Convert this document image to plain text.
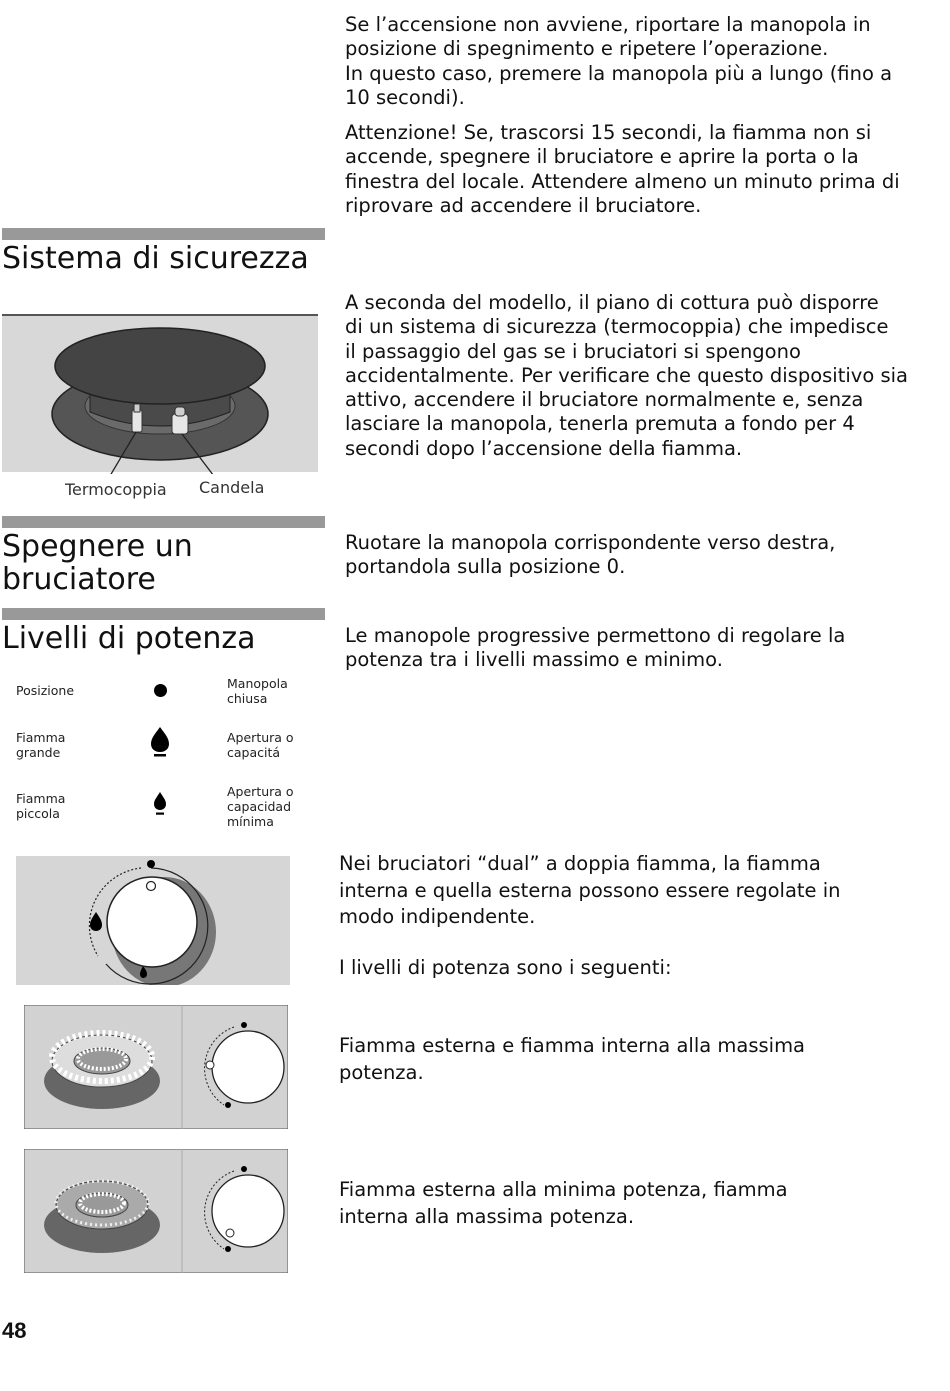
Se l’accensione non avviene, riportare la manopola in
posizione di spegnimento e ripetere l’operazione.
In questo caso, premere la manopola più a lungo (fino a
10 secondi).

Attenzione! Se, trascorsi 15 secondi, la fiamma non si
accende, spegnere il bruciatore e aprire la porta o la
finestra del locale. Attendere almeno un minuto prima di
riprovare ad accendere il bruciatore.

Sistema di sicurezza
A seconda del modello, il piano di cottura può disporre
di un sistema di sicurezza (termocoppia) che impedisce
il passaggio del gas se i bruciatori si spengono
accidentalmente. Per verificare che questo dispositivo sia
attivo, accendere il bruciatore normalmente e, senza
lasciare la manopola, tenerla premuta a fondo per 4
secondi dopo l’accensione della fiamma.
Termocoppia Candela
Spegnere un
bruciatore
Ruotare la manopola corrispondente verso destra,
portandola sulla posizione 0.
Livelli di potenza	Le manopole progressive permettono di regolare la
potenza tra i livelli massimo e minimo.
Posizione	Manopola
chiusa
Fiamma
grande
Apertura o
capacitá
Fiamma
piccola
Apertura o
capacidad
mínima
Nei bruciatori “dual” a doppia fiamma, la fiamma
interna e quella esterna possono essere regolate in
modo indipendente.
I livelli di potenza sono i seguenti:
Fiamma esterna e fiamma interna alla massima
potenza.
Fiamma esterna alla minima potenza, fiamma
interna alla massima potenza.
48
